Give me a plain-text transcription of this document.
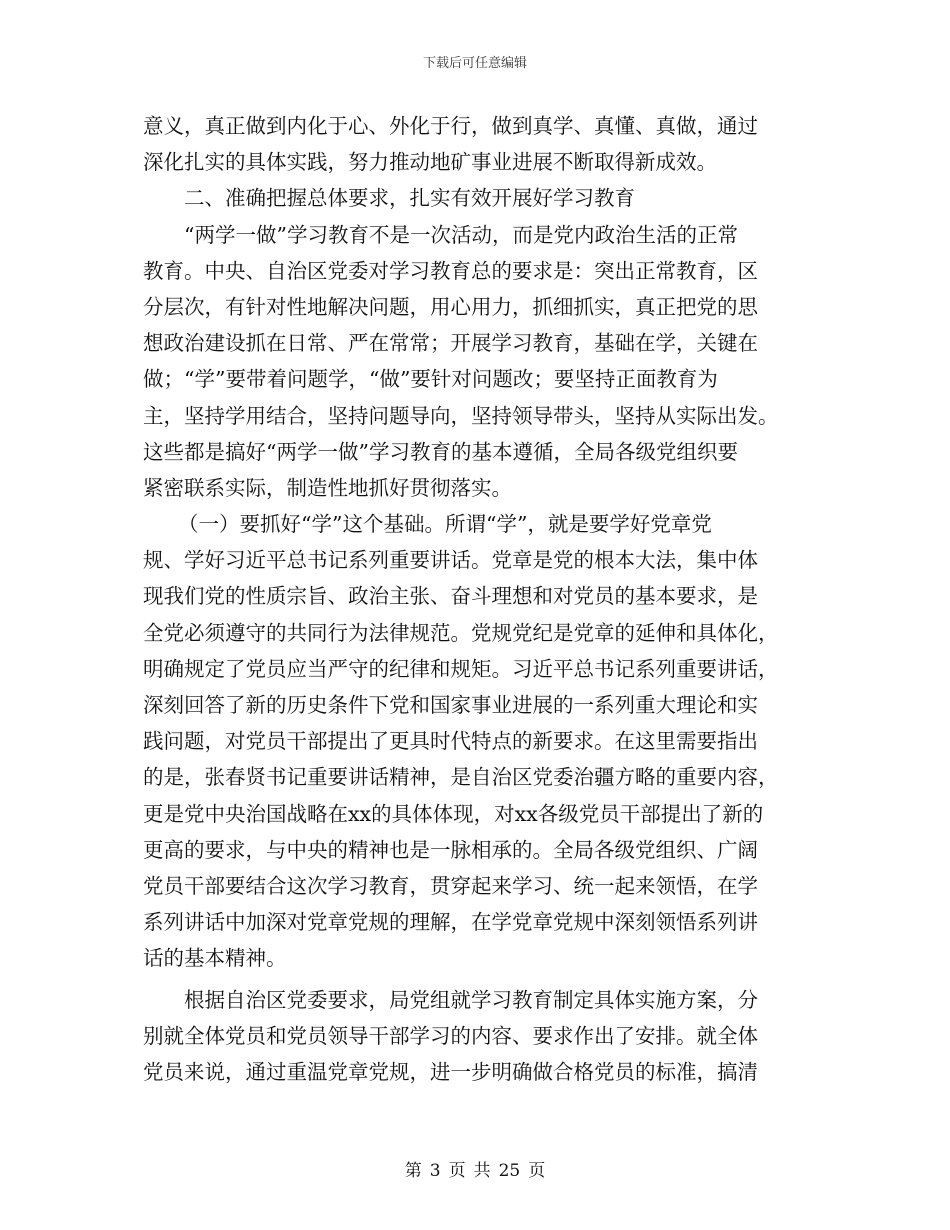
下载后可任意编辑
意义，真正做到内化于心、外化于行，做到真学、真懂、真做，通过
深化扎实的具体实践，努力推动地矿事业进展不断取得新成效。
二、准确把握总体要求，扎实有效开展好学习教育
“两学一做”学习教育不是一次活动，而是党内政治生活的正常
教育。中央、自治区党委对学习教育总的要求是：突出正常教育，区
分层次，有针对性地解决问题，用心用力，抓细抓实，真正把党的思
想政治建设抓在日常、严在常常；开展学习教育，基础在学，关键在
做；“学”要带着问题学，“做”要针对问题改；要坚持正面教育为
主，坚持学用结合，坚持问题导向，坚持领导带头，坚持从实际出发。
这些都是搞好“两学一做”学习教育的基本遵循，全局各级党组织要
紧密联系实际，制造性地抓好贯彻落实。
（一）要抓好“学”这个基础。所谓“学”，就是要学好党章党
规、学好习近平总书记系列重要讲话。党章是党的根本大法，集中体
现我们党的性质宗旨、政治主张、奋斗理想和对党员的基本要求，是
全党必须遵守的共同行为法律规范。党规党纪是党章的延伸和具体化，
明确规定了党员应当严守的纪律和规矩。习近平总书记系列重要讲话，
深刻回答了新的历史条件下党和国家事业进展的一系列重大理论和实
践问题，对党员干部提出了更具时代特点的新要求。在这里需要指出
的是，张春贤书记重要讲话精神，是自治区党委治疆方略的重要内容，
更是党中央治国战略在xx的具体体现，对xx各级党员干部提出了新的
更高的要求，与中央的精神也是一脉相承的。全局各级党组织、广阔
党员干部要结合这次学习教育，贯穿起来学习、统一起来领悟，在学
系列讲话中加深对党章党规的理解，在学党章党规中深刻领悟系列讲
话的基本精神。
根据自治区党委要求，局党组就学习教育制定具体实施方案，分
别就全体党员和党员领导干部学习的内容、要求作出了安排。就全体
党员来说，通过重温党章党规，进一步明确做合格党员的标准，搞清
第 3 页 共 25 页
